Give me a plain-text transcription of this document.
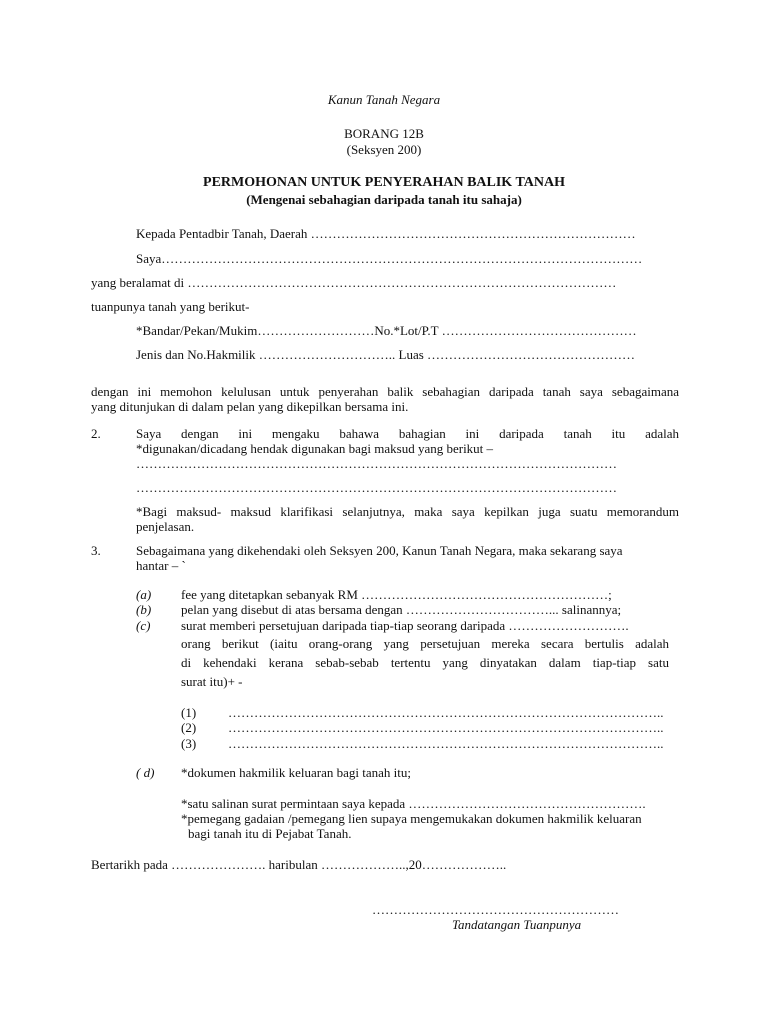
Kanun Tanah Negara
BORANG 12B
(Seksyen 200)
PERMOHONAN UNTUK PENYERAHAN BALIK TANAH
(Mengenai sebahagian daripada tanah itu sahaja)
Kepada Pentadbir Tanah, Daerah …………………………………………………………………
Saya…………………………………………………………………………………………………
yang beralamat di ………………………………………………………………………………………
tuanpunya tanah yang berikut-
*Bandar/Pekan/Mukim………………………No.*Lot/P.T ………………………………………
Jenis dan No.Hakmilik ………………………….. Luas …………………………………………
dengan ini memohon kelulusan untuk penyerahan balik sebahagian daripada tanah saya sebagaimana
yang ditunjukan di dalam pelan yang dikepilkan bersama ini.
2.	Saya dengan ini mengaku bahawa bahagian ini daripada tanah itu adalah
*digunakan/dicadang hendak digunakan bagi maksud yang berikut –
…………………………………………………………………………………………………
…………………………………………………………………………………………………
*Bagi maksud- maksud klarifikasi selanjutnya, maka saya kepilkan juga suatu memorandum
penjelasan.
3.	Sebagaimana yang dikehendaki oleh Seksyen 200, Kanun Tanah Negara, maka sekarang saya
hantar – `
(a) fee yang ditetapkan sebanyak RM …………………………………………………;
(b) pelan yang disebut di atas bersama dengan ……………………………... salinannya;
(c) surat memberi persetujuan daripada tiap-tiap seorang daripada ……………………….
orang berikut (iaitu orang-orang yang persetujuan mereka secara bertulis adalah
di kehendaki kerana sebab-sebab tertentu yang dinyatakan dalam tiap-tiap satu
surat itu)+ -
(1) ………………………………………………………………………………………..
(2) ………………………………………………………………………………………..
(3) ………………………………………………………………………………………..
( d) *dokumen hakmilik keluaran bagi tanah itu;
*satu salinan surat permintaan saya kepada ……………………………………………….
*pemegang gadaian /pemegang lien supaya mengemukakan dokumen hakmilik keluaran
bagi tanah itu di Pejabat Tanah.
Bertarikh pada …………………. haribulan ………………..,20………………..
…………………………………………………
Tandatangan Tuanpunya
